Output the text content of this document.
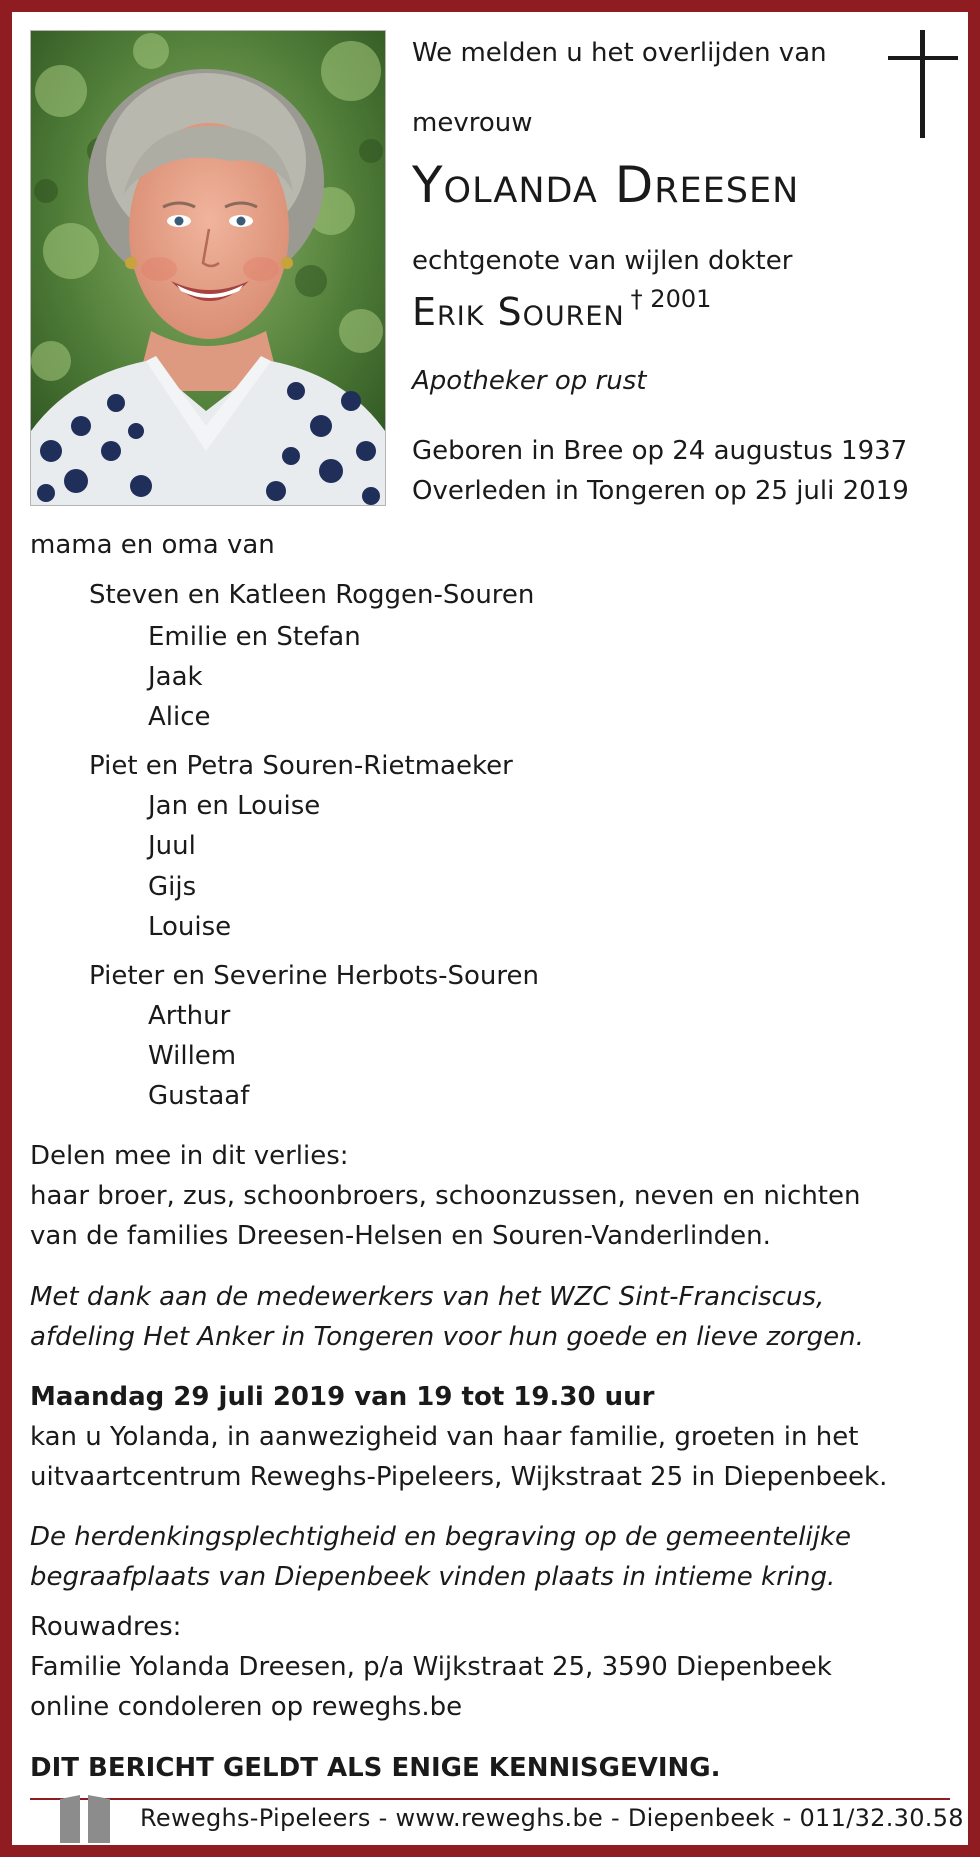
We melden u het overlijden van
mevrouw
Yolanda Dreesen
echtgenote van wijlen dokter
Erik Souren † 2001
Apotheker op rust
Geboren in Bree op 24 augustus 1937
Overleden in Tongeren op 25 juli 2019
mama en oma van
Steven en Katleen Roggen-Souren
Emilie en Stefan
Jaak
Alice
Piet en Petra Souren-Rietmaeker
Jan en Louise
Juul
Gijs
Louise
Pieter en Severine Herbots-Souren
Arthur
Willem
Gustaaf
Delen mee in dit verlies:
haar broer, zus, schoonbroers, schoonzussen, neven en nichten
van de families Dreesen-Helsen en Souren-Vanderlinden.
Met dank aan de medewerkers van het WZC Sint-Franciscus,
afdeling Het Anker in Tongeren voor hun goede en lieve zorgen.
Maandag 29 juli 2019 van 19 tot 19.30 uur
kan u Yolanda, in aanwezigheid van haar familie, groeten in het
uitvaartcentrum Reweghs-Pipeleers, Wijkstraat 25 in Diepenbeek.
De herdenkingsplechtigheid en begraving op de gemeentelijke
begraafplaats van Diepenbeek vinden plaats in intieme kring.
Rouwadres:
Familie Yolanda Dreesen, p/a Wijkstraat 25, 3590 Diepenbeek
online condoleren op reweghs.be
DIT BERICHT GELDT ALS ENIGE KENNISGEVING.
Reweghs-Pipeleers - www.reweghs.be - Diepenbeek - 011/32.30.58
